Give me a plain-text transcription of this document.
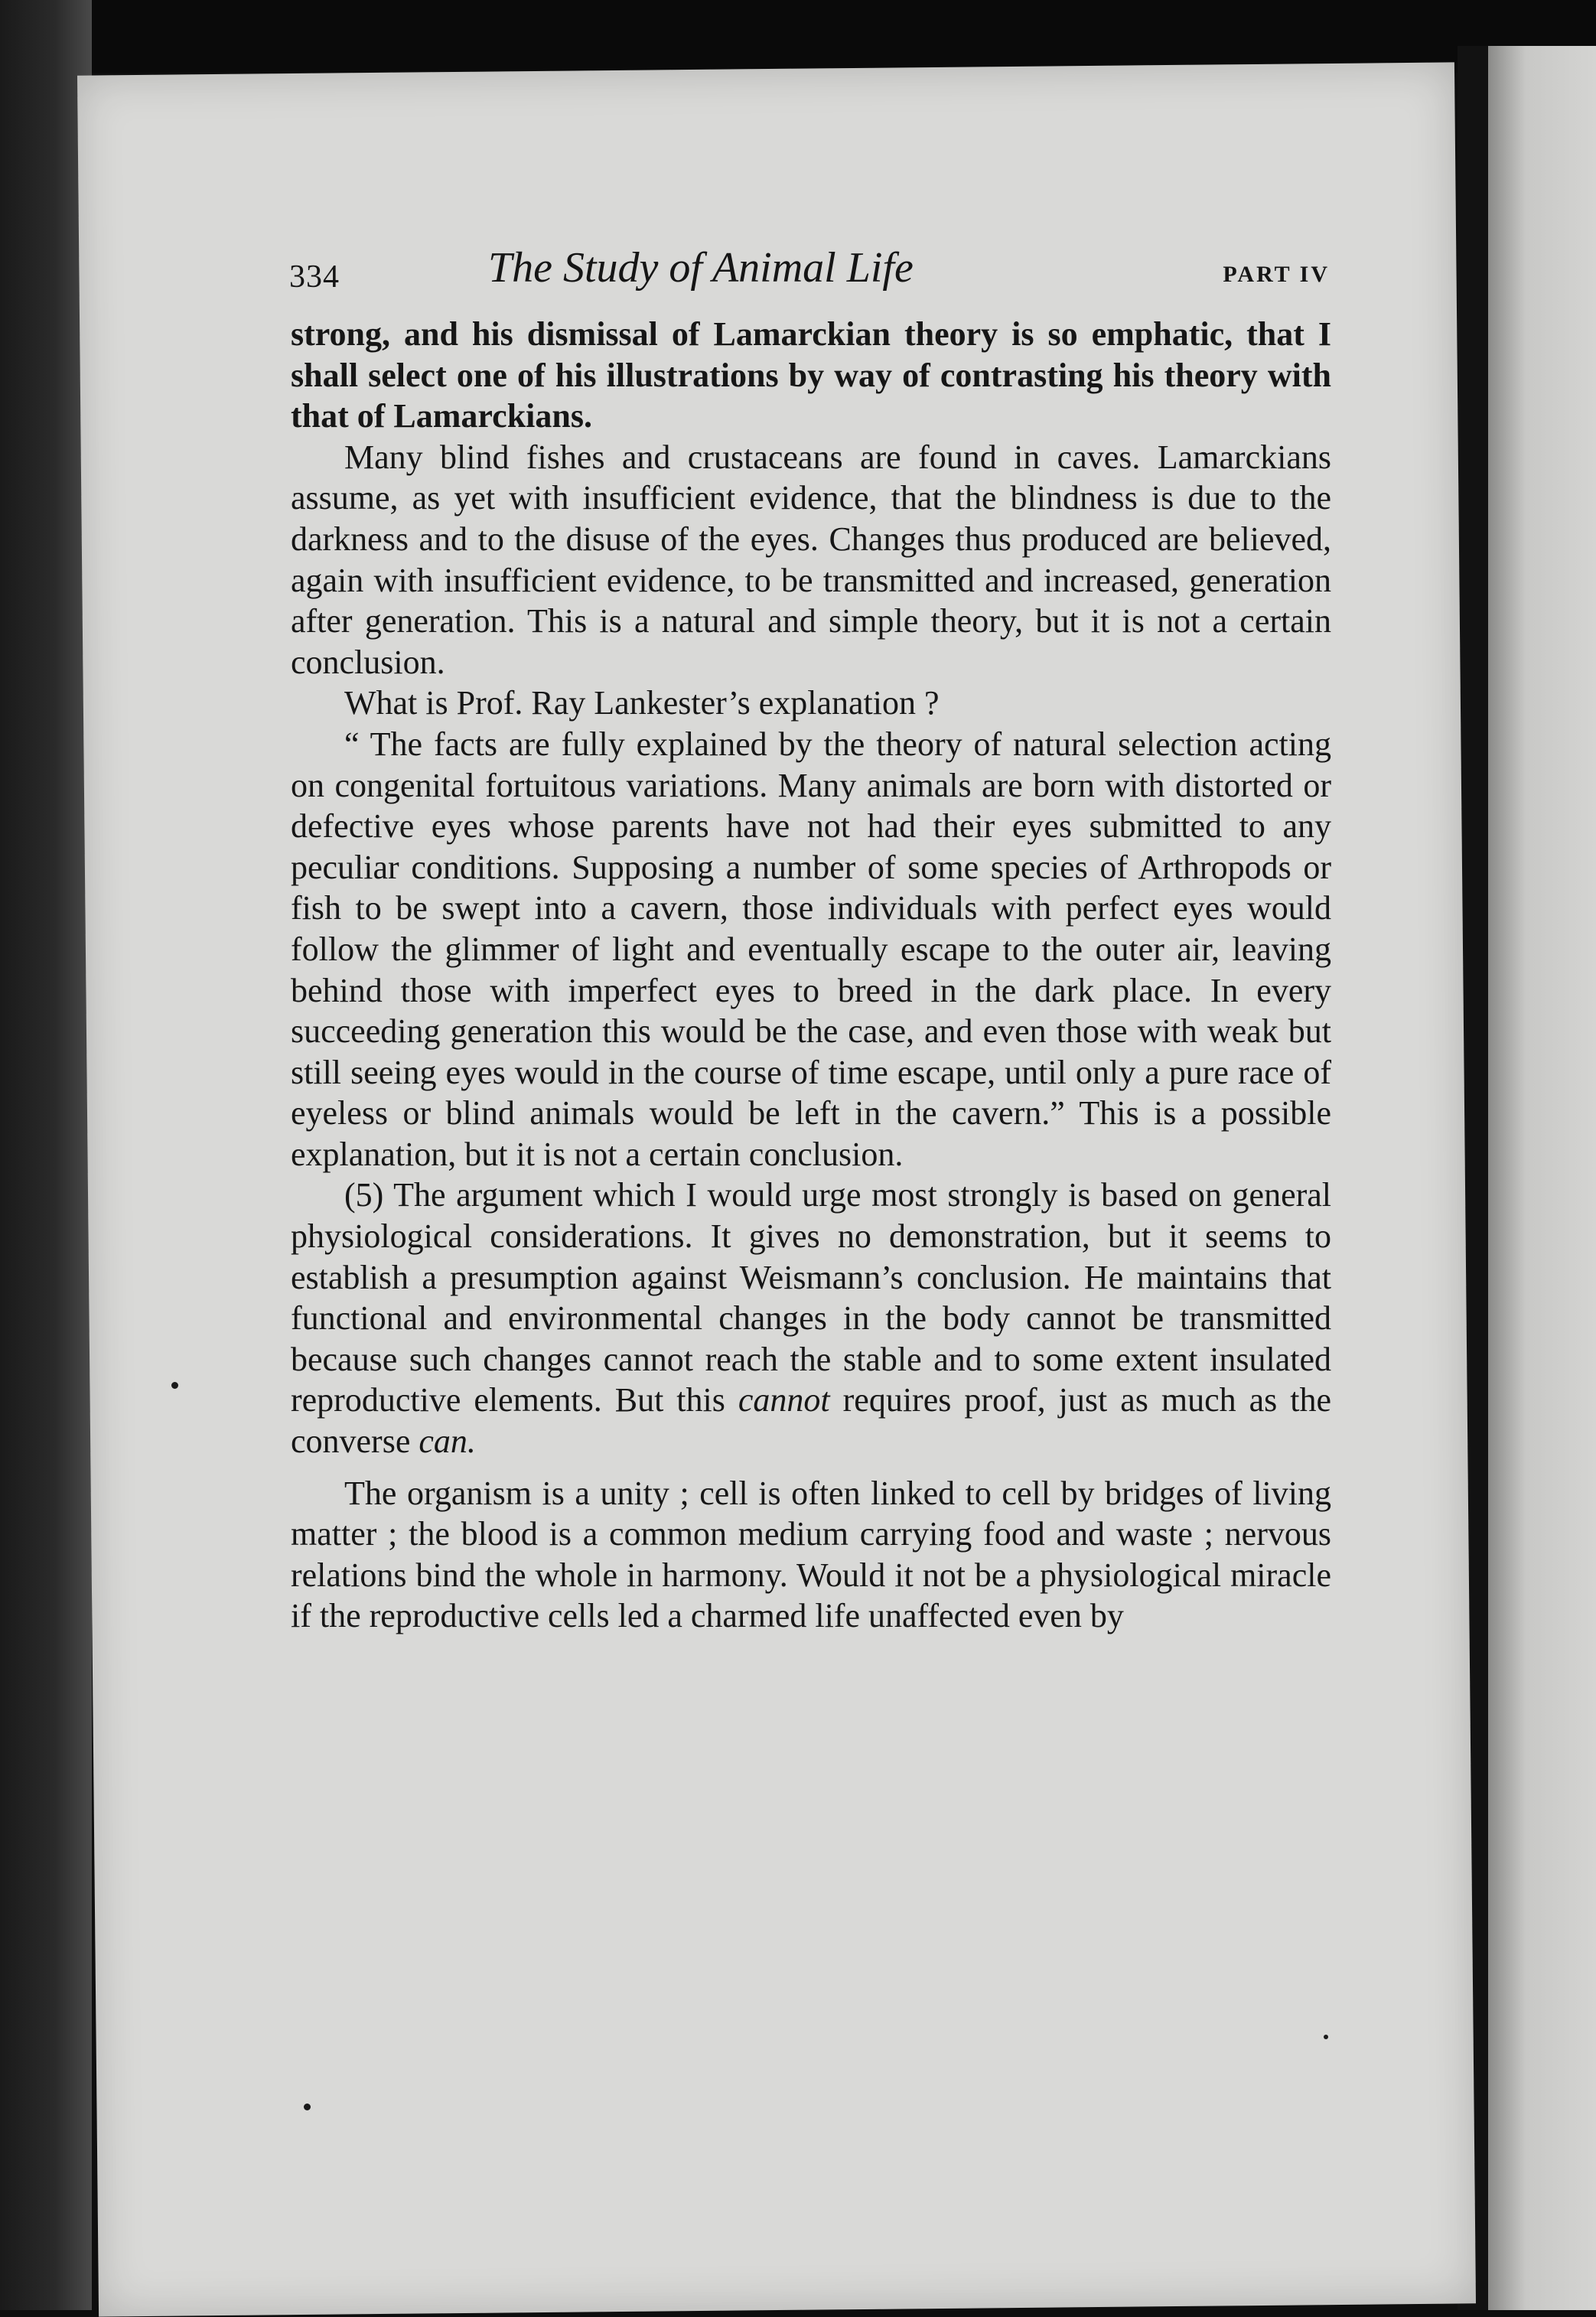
334	The Study of Animal Life	PART IV

strong, and his dismissal of Lamarckian theory is so emphatic, that I shall select one of his illustrations by way of contrasting his theory with that of Lamarckians.

Many blind fishes and crustaceans are found in caves. Lamarckians assume, as yet with insufficient evidence, that the blindness is due to the darkness and to the disuse of the eyes. Changes thus produced are believed, again with insufficient evidence, to be transmitted and increased, generation after generation. This is a natural and simple theory, but it is not a certain conclusion.

What is Prof. Ray Lankester’s explanation ?

“ The facts are fully explained by the theory of natural selection acting on congenital fortuitous variations. Many animals are born with distorted or defective eyes whose parents have not had their eyes submitted to any peculiar conditions. Supposing a number of some species of Arthropods or fish to be swept into a cavern, those individuals with perfect eyes would follow the glimmer of light and eventually escape to the outer air, leaving behind those with imperfect eyes to breed in the dark place. In every succeeding generation this would be the case, and even those with weak but still seeing eyes would in the course of time escape, until only a pure race of eyeless or blind animals would be left in the cavern.” This is a possible explanation, but it is not a certain conclusion.

(5) The argument which I would urge most strongly is based on general physiological considerations. It gives no demonstration, but it seems to establish a presumption against Weismann’s conclusion. He maintains that functional and environmental changes in the body cannot be transmitted because such changes cannot reach the stable and to some extent insulated reproductive elements. But this cannot requires proof, just as much as the converse can.

The organism is a unity ; cell is often linked to cell by bridges of living matter ; the blood is a common medium carrying food and waste ; nervous relations bind the whole in harmony. Would it not be a physiological miracle if the reproductive cells led a charmed life unaffected even by
